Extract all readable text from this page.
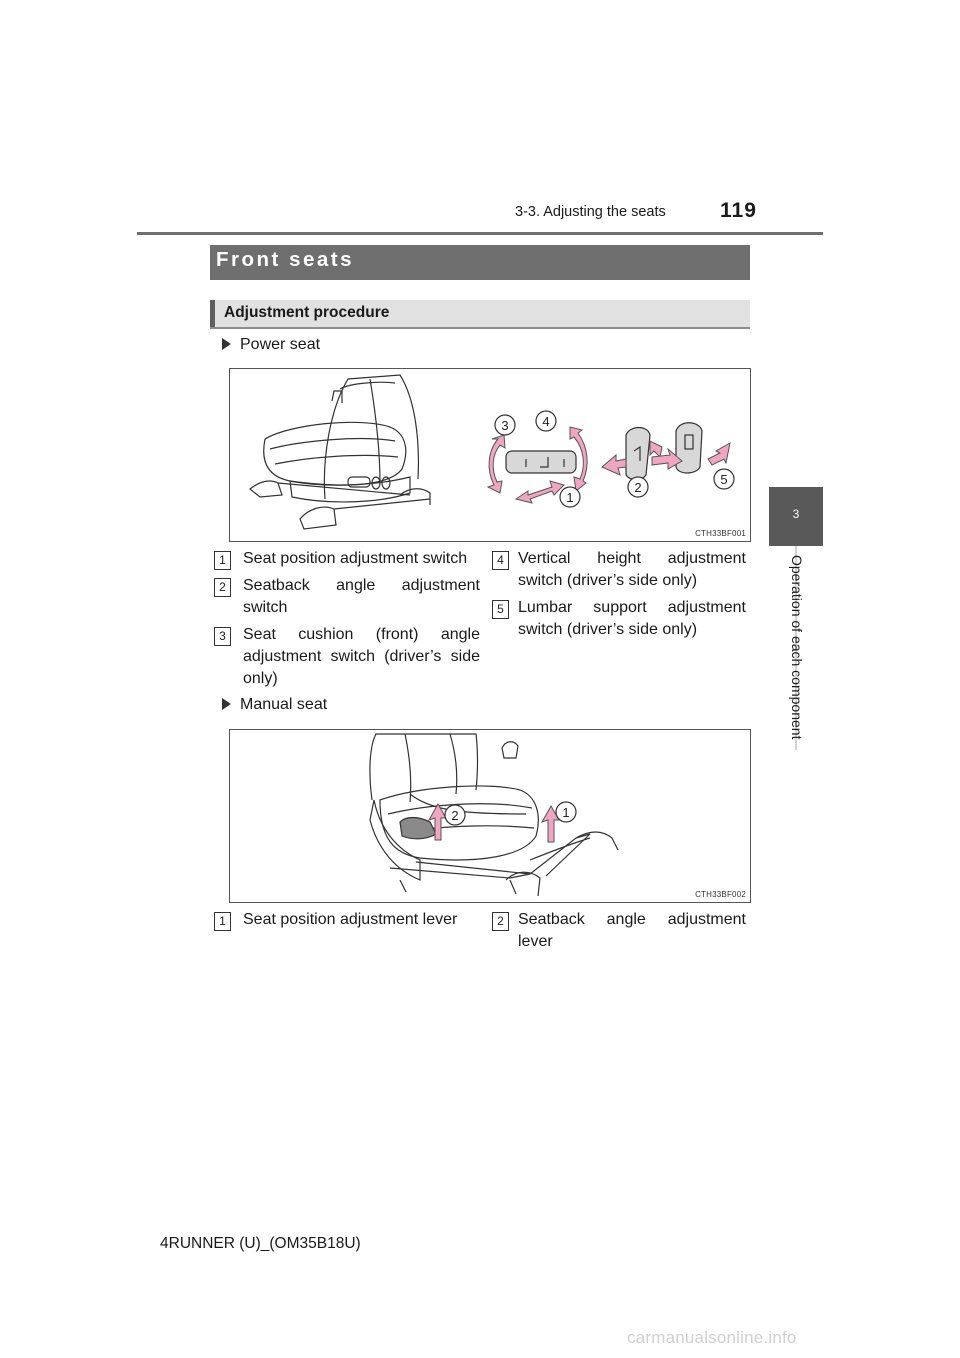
3-3. Adjusting the seats	119
3
Operation of each component
Front seats
Adjustment procedure
Power seat
3	4
1
2
5
CTH33BF001
1	Seat position adjustment switch
2	Seatback angle adjustment switch
3	Seat cushion (front) angle adjustment switch (driver’s side only)
4 Vertical height adjustment switch (driver’s side only)
5 Lumbar support adjustment switch (driver’s side only)
Manual seat
2	1
CTH33BF002
1	Seat position adjustment lever	2 Seatback angle adjustment lever
4RUNNER (U)_(OM35B18U)
carmanualsonline.info
